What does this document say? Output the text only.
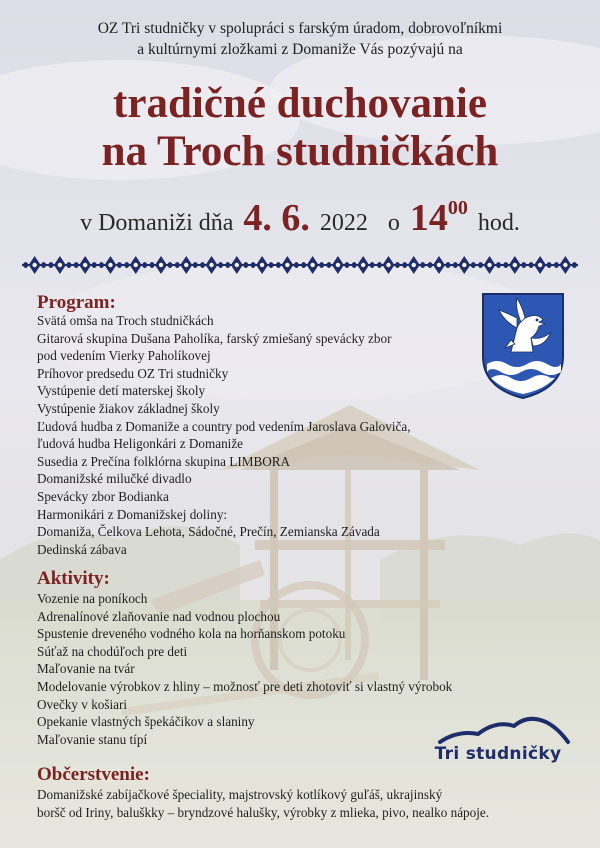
OZ Tri studničky v spolupráci s farským úradom, dobrovoľníkmi
a kultúrnymi zložkami z Domaniže Vás pozývajú na
tradičné duchovanie
na Troch studničkách
v Domaniži dňa 4. 6. 2022 o $14^{00}hod$.
Program:
Svätá omša na Troch studničkách
Gitarová skupina Dušana Paholíka, farský zmiešaný spevácky zbor
pod vedením Vierky Paholíkovej
Príhovor predsedu OZ Tri studničky
Vystúpenie detí materskej školy
Vystúpenie žiakov základnej školy
Ľudová hudba z Domaniže a country pod vedením Jaroslava Galoviča,
ľudová hudba Heligonkári z Domaniže
Susedia z Prečína folklórna skupina LIMBORA
Domanižské milučké divadlo
Spevácky zbor Bodianka
Harmonikári z Domanižskej doliny:
Domaniža, Čelkova Lehota, Sádočné, Prečín, Zemianska Závada
Dedinská zábava
Aktivity:
Vozenie na poníkoch
Adrenalínové zlaňovanie nad vodnou plochou
Spustenie dreveného vodného kola na horňanskom potoku
Súťaž na chodúľoch pre deti
Maľovanie na tvár
Modelovanie výrobkov z hliny – možnosť pre deti zhotoviť si vlastný výrobok
Ovečky v košiari
Opekanie vlastných špekáčikov a slaniny
Maľovanie stanu típí
Tri studničky
Občerstvenie:
Domanižské zabíjačkové špeciality, majstrovský kotlíkový guľáš, ukrajinský
boršč od Iriny, baluškky – bryndzové halušky, výrobky z mlieka, pivo, nealko nápoje.
